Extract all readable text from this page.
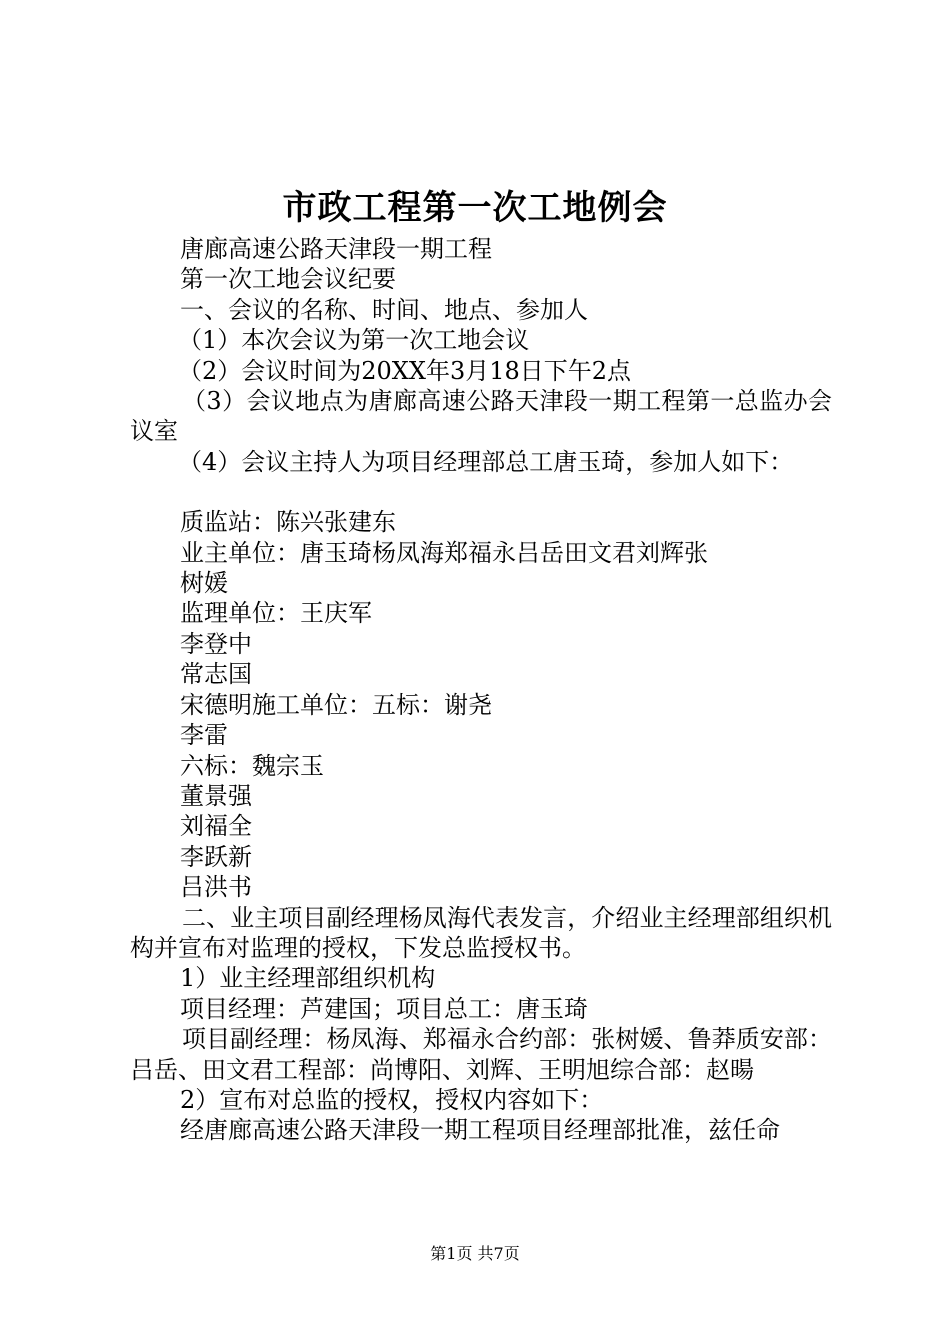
市政工程第一次工地例会
唐廊高速公路天津段一期工程
第一次工地会议纪要
一、会议的名称、时间、地点、参加人
（1）本次会议为第一次工地会议
（2）会议时间为20XX年3月18日下午2点
（3）会议地点为唐廊高速公路天津段一期工程第一总监办会议室
（4）会议主持人为项目经理部总工唐玉琦，参加人如下：
质监站：陈兴张建东
业主单位：唐玉琦杨凤海郑福永吕岳田文君刘辉张
树媛
监理单位：王庆军
李登中
常志国
宋德明施工单位：五标：谢尧
李雷
六标：魏宗玉
董景强
刘福全
李跃新
吕洪书
二、业主项目副经理杨凤海代表发言，介绍业主经理部组织机构并宣布对监理的授权，下发总监授权书。
1）业主经理部组织机构
项目经理：芦建国；项目总工：唐玉琦
项目副经理：杨凤海、郑福永合约部：张树媛、鲁莽质安部：吕岳、田文君工程部：尚博阳、刘辉、王明旭综合部：赵暘
2）宣布对总监的授权，授权内容如下：
经唐廊高速公路天津段一期工程项目经理部批准，兹任命
第1页 共7页
